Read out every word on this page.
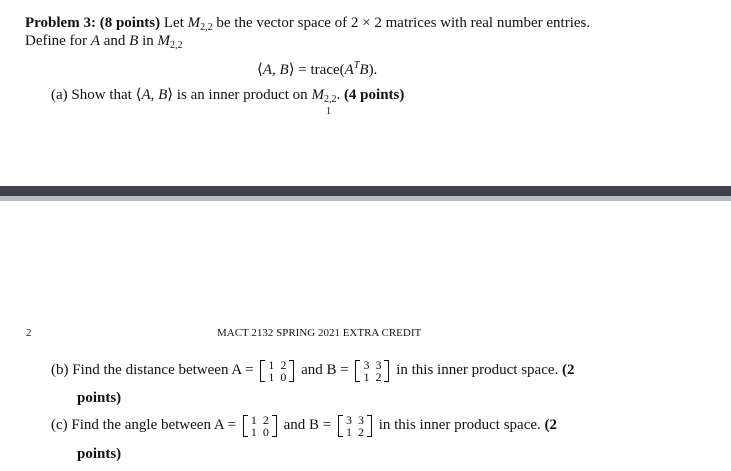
Problem 3: (8 points) Let $M_{2,2}$ be the vector space of 2 × 2 matrices with real number entries.
Define for A and B in $M_{2,2}$
⟨A, B⟩ = $trace(A^TB)$.
(a) Show that ⟨A, B⟩ is an inner product on $M_{2,2}$. (4 points)
1
2	MACT 2132 SPRING 2021 EXTRA CREDIT
(b) Find the distance between A = 1	2
1	0 and B = 3	3
1	2 in this inner product space. (2
points)
(c) Find the angle between A = 1	2
1	0 and B = 3	3
1	2 in this inner product space. (2
points)
